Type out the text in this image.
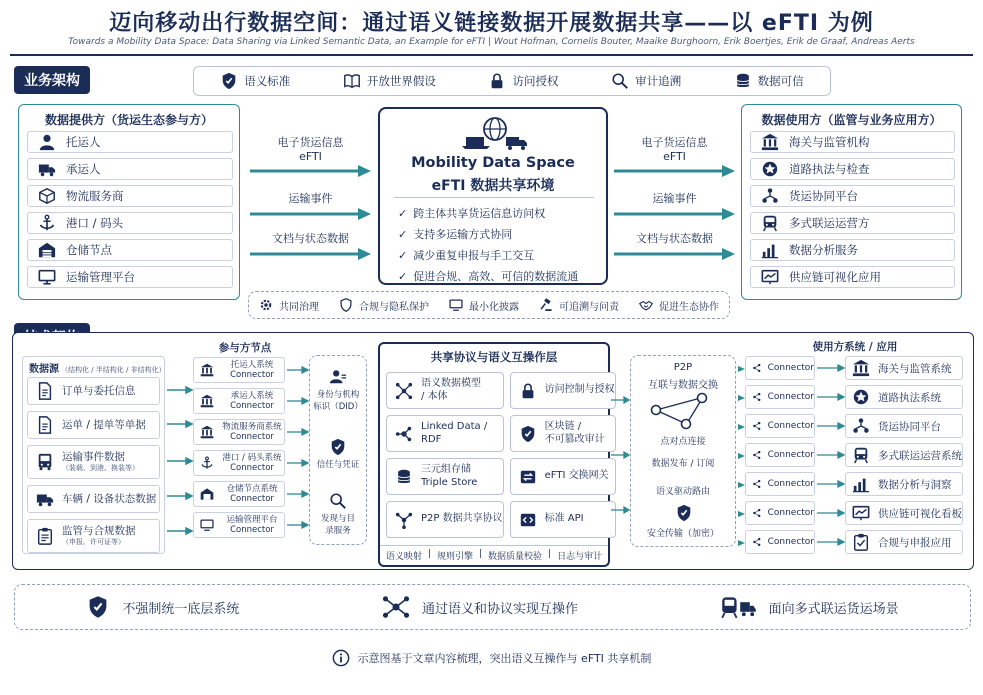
迈向移动出行数据空间：通过语义链接数据开展数据共享——以 eFTI 为例
Towards a Mobility Data Space: Data Sharing via Linked Semantic Data, an Example for eFTI | Wout Hofman, Cornelis Bouter, Maaike Burghoorn, Erik Boertjes, Erik de Graaf, Andreas Aerts
业务架构	语义标准	开放世界假设	访问授权	审计追溯	数据可信
数据提供方（货运生态参与方）
托运人
承运人
物流服务商
港口 / 码头
仓储节点
运输管理平台
电子货运信息
eFTI
运输事件
文档与状态数据
Mobility Data Space
eFTI 数据共享环境
✓ 跨主体共享货运信息访问权
✓ 支持多运输方式协同
✓ 减少重复申报与手工交互
✓ 促进合规、高效、可信的数据流通
电子货运信息
eFTI
运输事件
文档与状态数据
数据使用方（监管与业务应用方）
海关与监管机构
道路执法与检查
货运协同平台
多式联运运营方
数据分析服务
供应链可视化应用
共同治理	合规与隐私保护	最小化披露	可追溯与问责	促进生态协作
数据源 （结构化 / 半结构化 / 非结构化）
订单与委托信息
运单 / 提单等单据
运输事件数据
（装载、到港、换装等）
车辆 / 设备状态数据
监管与合规数据
（申报、许可证等）
参与方节点
托运人系统
Connector
承运人系统
Connector
物流服务商系统
Connector
港口 / 码头系统
Connector
仓储节点系统
Connector
运输管理平台
Connector
身份与机构
标识（DID）
信任与凭证
发现与目
录服务
共享协议与语义互操作层
语义数据模型
/ 本体
访问控制与授权
Linked Data /
RDF
区块链 /
不可篡改审计
三元组存储
Triple Store
eFTI 交换网关
P2P 数据共享协议	标准 API
语义映射 | 规则引擎 | 数据质量校验 | 日志与审计
P2P
互联与数据交换
点对点连接
数据发布 / 订阅
语义驱动路由
安全传输（加密）
使用方系统 / 应用
Connector
Connector
Connector
Connector
Connector
Connector
Connector
海关与监管系统
道路执法系统
货运协同平台
多式联运运营系统
数据分析与洞察
供应链可视化看板
合规与申报应用
不强制统一底层系统	通过语义和协议实现互操作	面向多式联运货运场景
示意图基于文章内容梳理，突出语义互操作与 eFTI 共享机制
